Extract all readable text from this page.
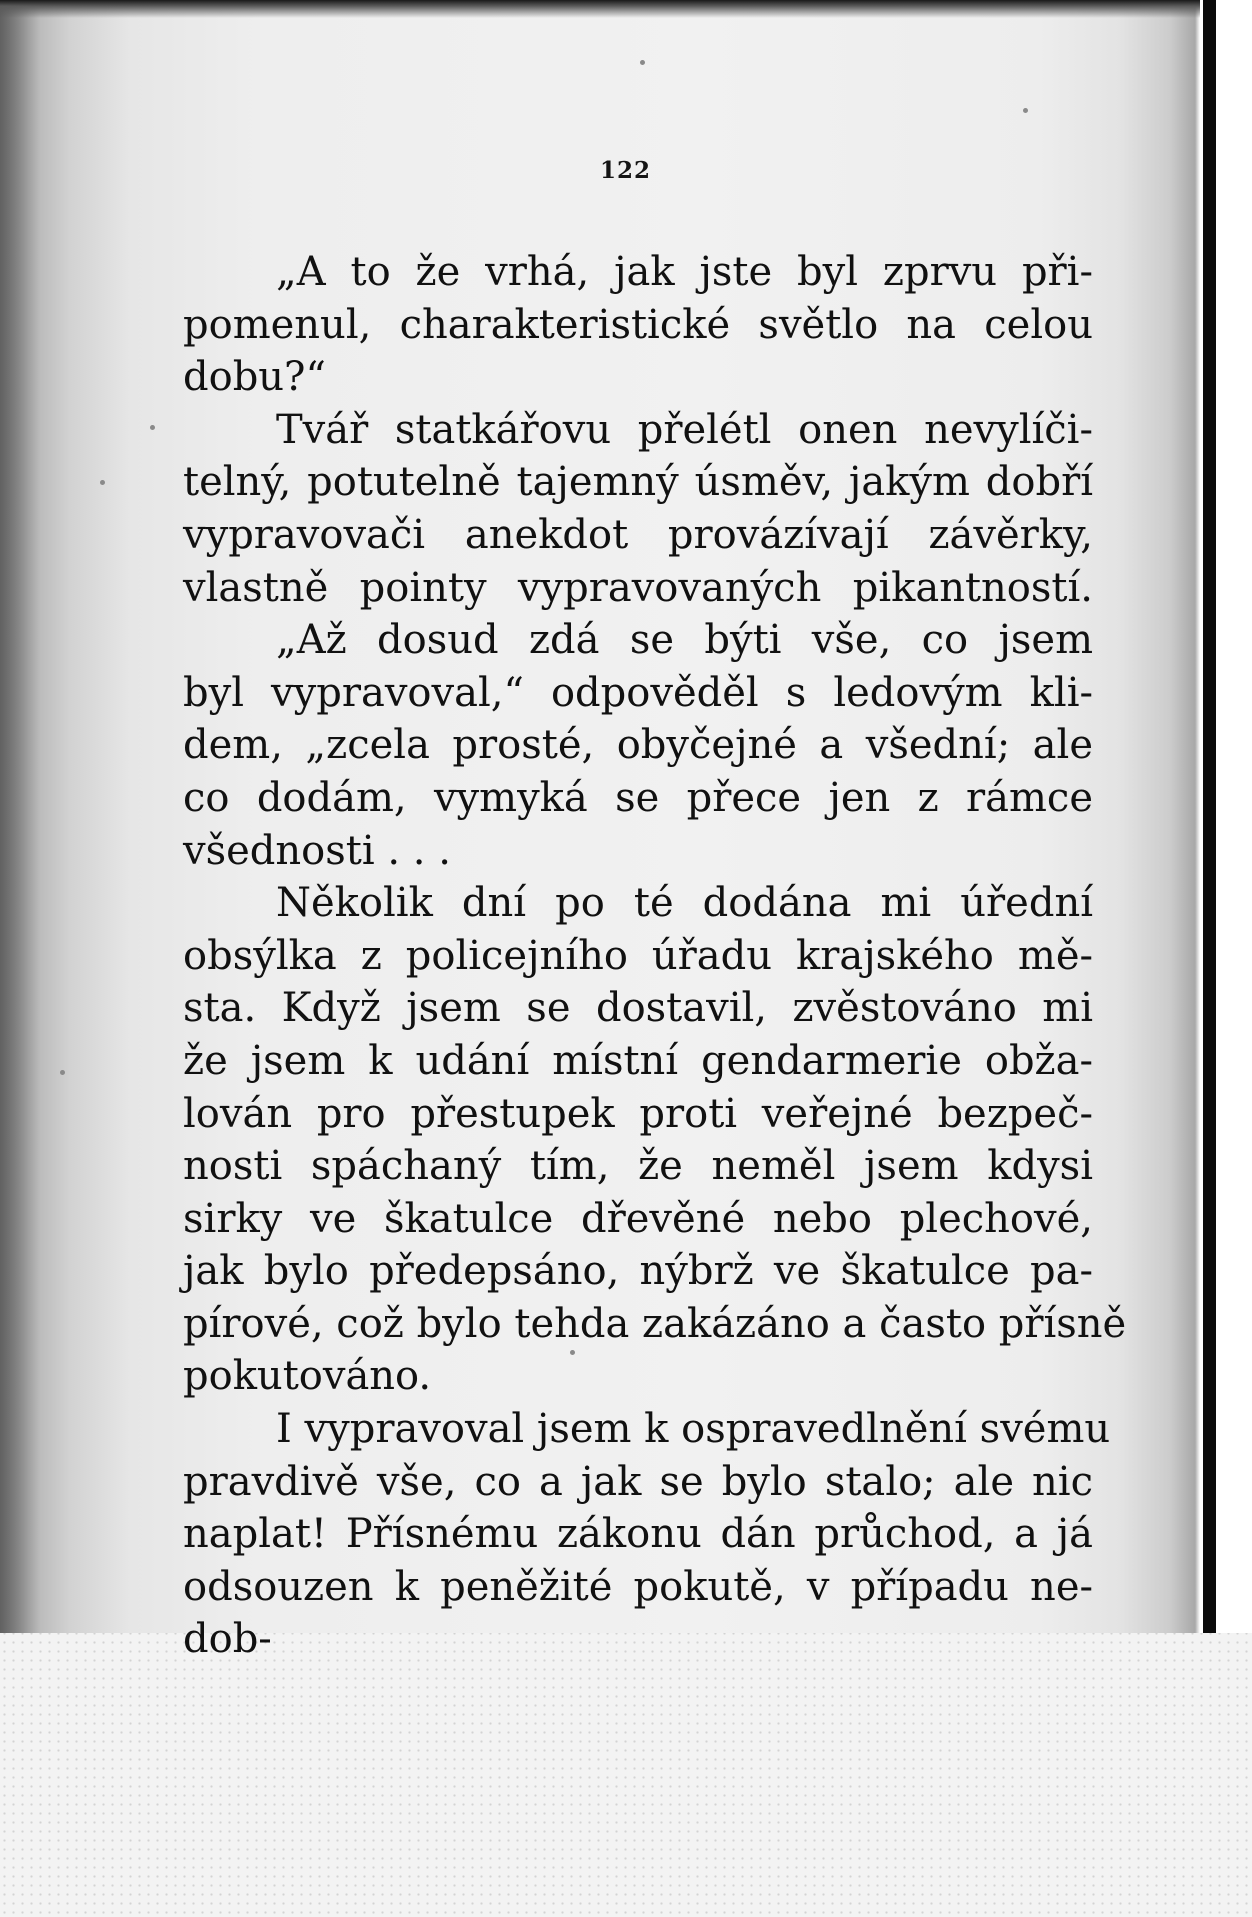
122
„A to že vrhá, jak jste byl zprvu při-
pomenul, charakteristické světlo na celou
dobu?“
Tvář statkářovu přelétl onen nevylíči-
telný, potutelně tajemný úsměv, jakým dobří
vypravovači anekdot provázívají závěrky,
vlastně pointy vypravovaných pikantností.
„Až dosud zdá se býti vše, co jsem
byl vypravoval,“ odpověděl s ledovým kli-
dem, „zcela prosté, obyčejné a všední; ale
co dodám, vymyká se přece jen z rámce
všednosti . . .
Několik dní po té dodána mi úřední
obsýlka z policejního úřadu krajského mě-
sta. Když jsem se dostavil, zvěstováno mi
že jsem k udání místní gendarmerie obža-
lován pro přestupek proti veřejné bezpeč-
nosti spáchaný tím, že neměl jsem kdysi
sirky ve škatulce dřevěné nebo plechové,
jak bylo předepsáno, nýbrž ve škatulce pa-
pírové, což bylo tehda zakázáno a často přísně
pokutováno.
I vypravoval jsem k ospravedlnění svému
pravdivě vše, co a jak se bylo stalo; ale nic
naplat! Přísnému zákonu dán průchod, a já
odsouzen k peněžité pokutě, v případu ne-
dob-
